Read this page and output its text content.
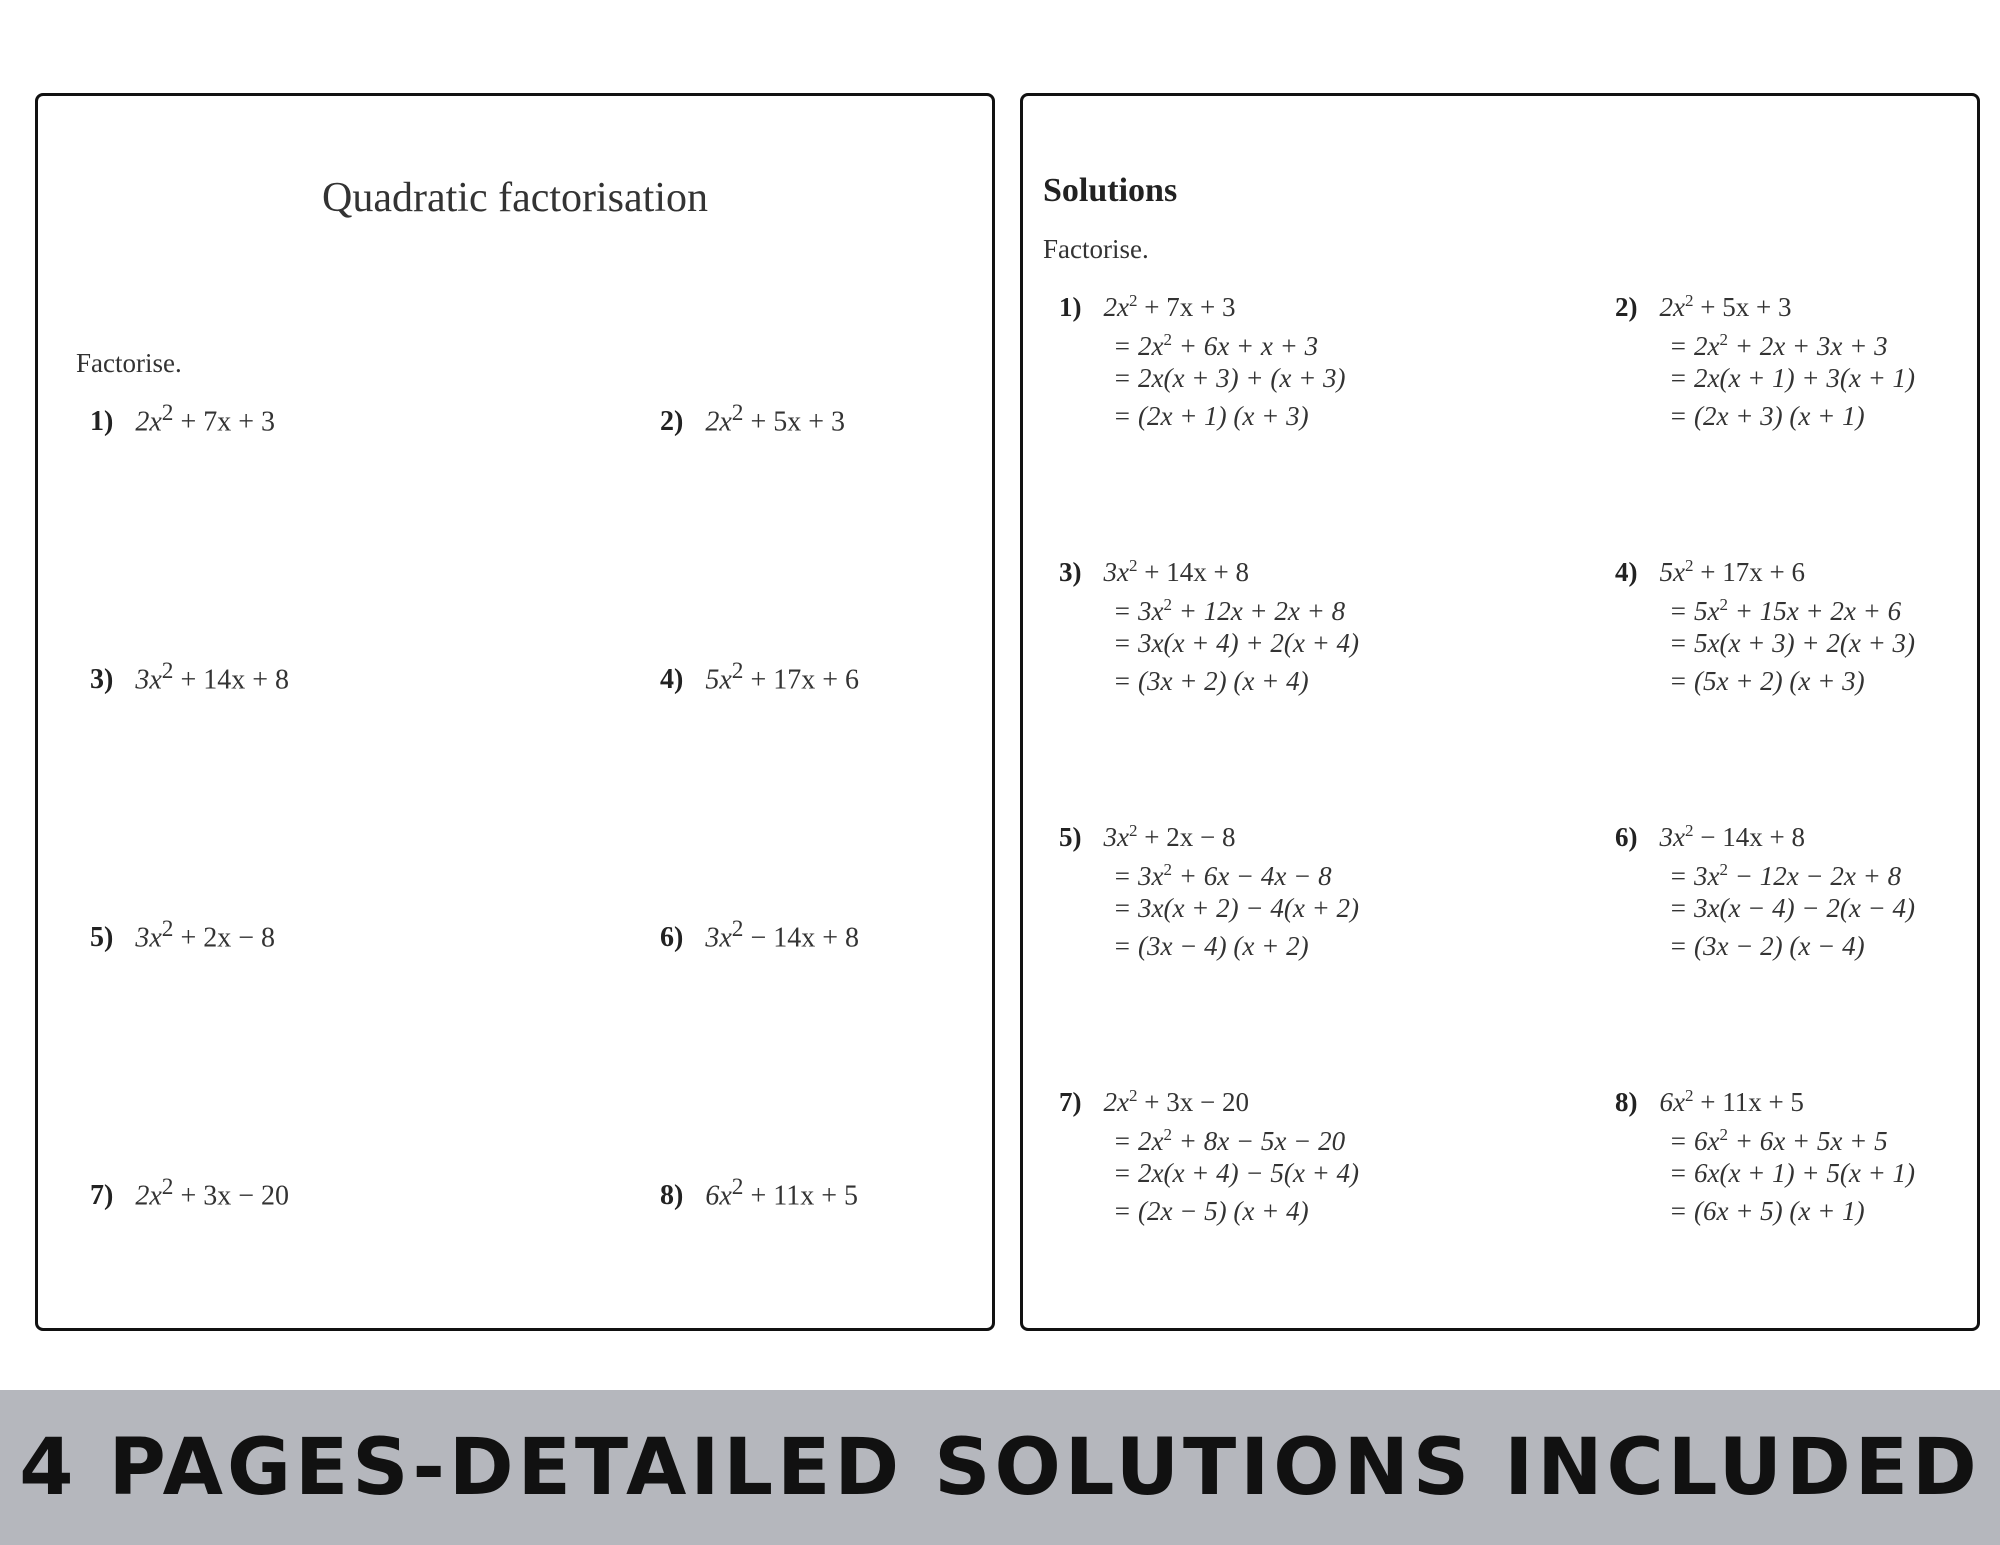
Quadratic factorisation
Factorise.
1) $2x^2 + 7x + 3$	2) $2x^2 + 5x + 3$
3) $3x^2 + 14x + 8$	4) $5x^2 + 17x + 6$
5) $3x^2 + 2x - 8$	6) $3x^2 - 14x + 8$
7) $2x^2 + 3x - 20$	8) $6x^2 + 11x + 5$
Solutions
Factorise.
1) $2x^2 + 7x + 3$
= $2x^2 + 6x + x + 3$
= 2x(x + 3) + (x + 3)
= (2x + 1) (x + 3)
2) $2x^2 + 5x + 3$
= $2x^2 + 2x + 3x + 3$
= 2x(x + 1) + 3(x + 1)
= (2x + 3) (x + 1)
3) $3x^2 + 14x + 8$
= $3x^2 + 12x + 2x + 8$
= 3x(x + 4) + 2(x + 4)
= (3x + 2) (x + 4)
4) $5x^2 + 17x + 6$
= $5x^2 + 15x + 2x + 6$
= 5x(x + 3) + 2(x + 3)
= (5x + 2) (x + 3)
5) $3x^2 + 2x - 8$
= $3x^2 + 6x - 4x - 8$
= 3x(x + 2) − 4(x + 2)
= (3x − 4) (x + 2)
6) $3x^2 - 14x + 8$
= $3x^2 - 12x - 2x + 8$
= 3x(x − 4) − 2(x − 4)
= (3x − 2) (x − 4)
7) $2x^2 + 3x - 20$
= $2x^2 + 8x - 5x - 20$
= 2x(x + 4) − 5(x + 4)
= (2x − 5) (x + 4)
8) $6x^2 + 11x + 5$
= $6x^2 + 6x + 5x + 5$
= 6x(x + 1) + 5(x + 1)
= (6x + 5) (x + 1)
4 PAGES-DETAILED SOLUTIONS INCLUDED
